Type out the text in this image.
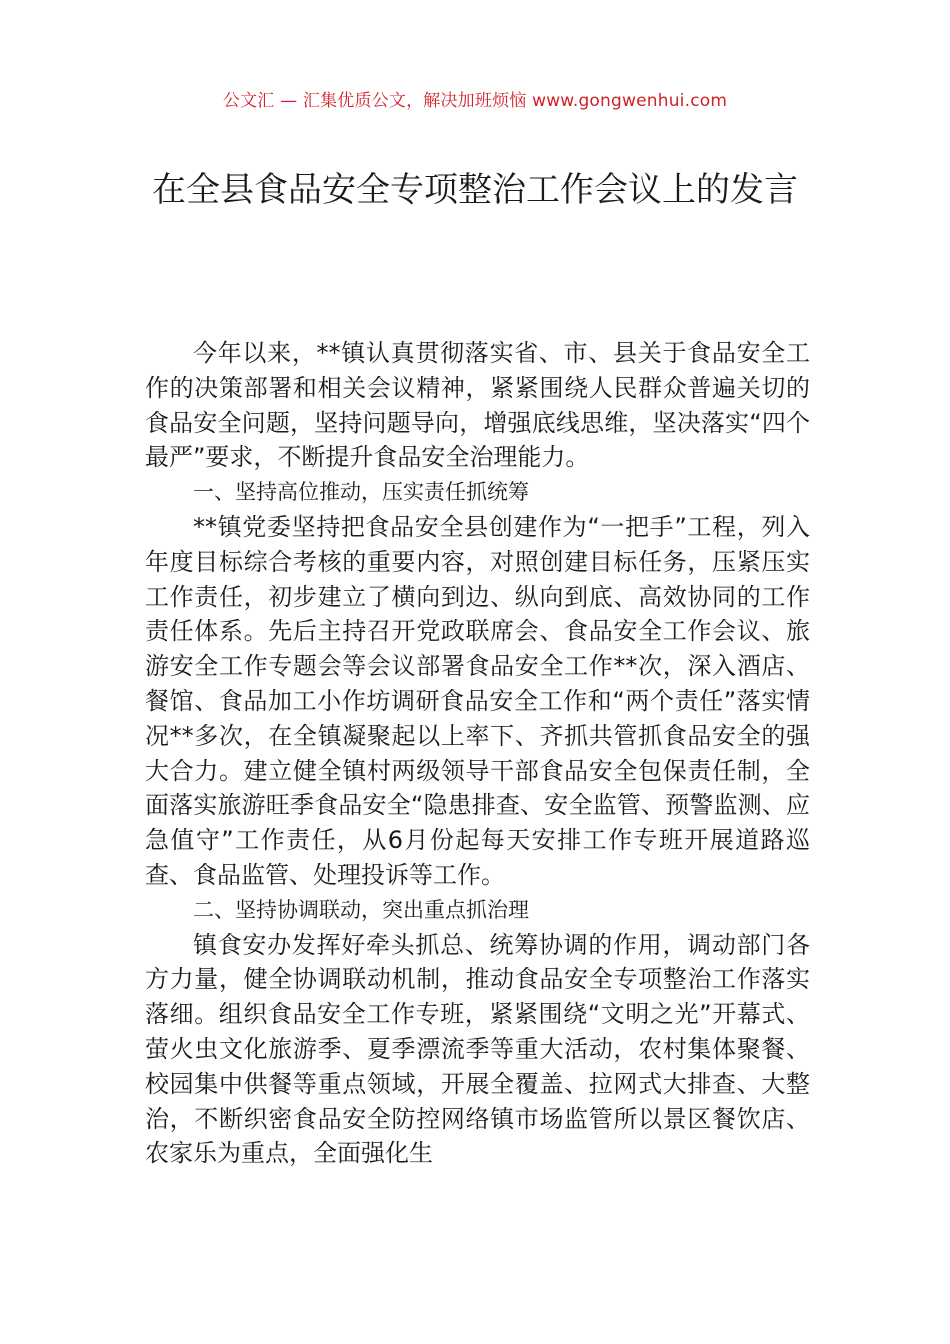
公文汇 — 汇集优质公文，解决加班烦恼 www.gongwenhui.com
在全县食品安全专项整治工作会议上的发言

今年以来，**镇认真贯彻落实省、市、县关于食品安全工作的决策部署和相关会议精神，紧紧围绕人民群众普遍关切的食品安全问题，坚持问题导向，增强底线思维，坚决落实“四个最严”要求，不断提升食品安全治理能力。

一、坚持高位推动，压实责任抓统筹

**镇党委坚持把食品安全县创建作为“一把手”工程，列入年度目标综合考核的重要内容，对照创建目标任务，压紧压实工作责任，初步建立了横向到边、纵向到底、高效协同的工作责任体系。先后主持召开党政联席会、食品安全工作会议、旅游安全工作专题会等会议部署食品安全工作**次，深入酒店、餐馆、食品加工小作坊调研食品安全工作和“两个责任”落实情况**多次，在全镇凝聚起以上率下、齐抓共管抓食品安全的强大合力。建立健全镇村两级领导干部食品安全包保责任制，全面落实旅游旺季食品安全“隐患排查、安全监管、预警监测、应急值守”工作责任，从6月份起每天安排工作专班开展道路巡查、食品监管、处理投诉等工作。

二、坚持协调联动，突出重点抓治理

镇食安办发挥好牵头抓总、统筹协调的作用，调动部门各方力量，健全协调联动机制，推动食品安全专项整治工作落实落细。组织食品安全工作专班，紧紧围绕“文明之光”开幕式、萤火虫文化旅游季、夏季漂流季等重大活动，农村集体聚餐、校园集中供餐等重点领域，开展全覆盖、拉网式大排查、大整治，不断织密食品安全防控网络镇市场监管所以景区餐饮店、农家乐为重点，全面强化生
